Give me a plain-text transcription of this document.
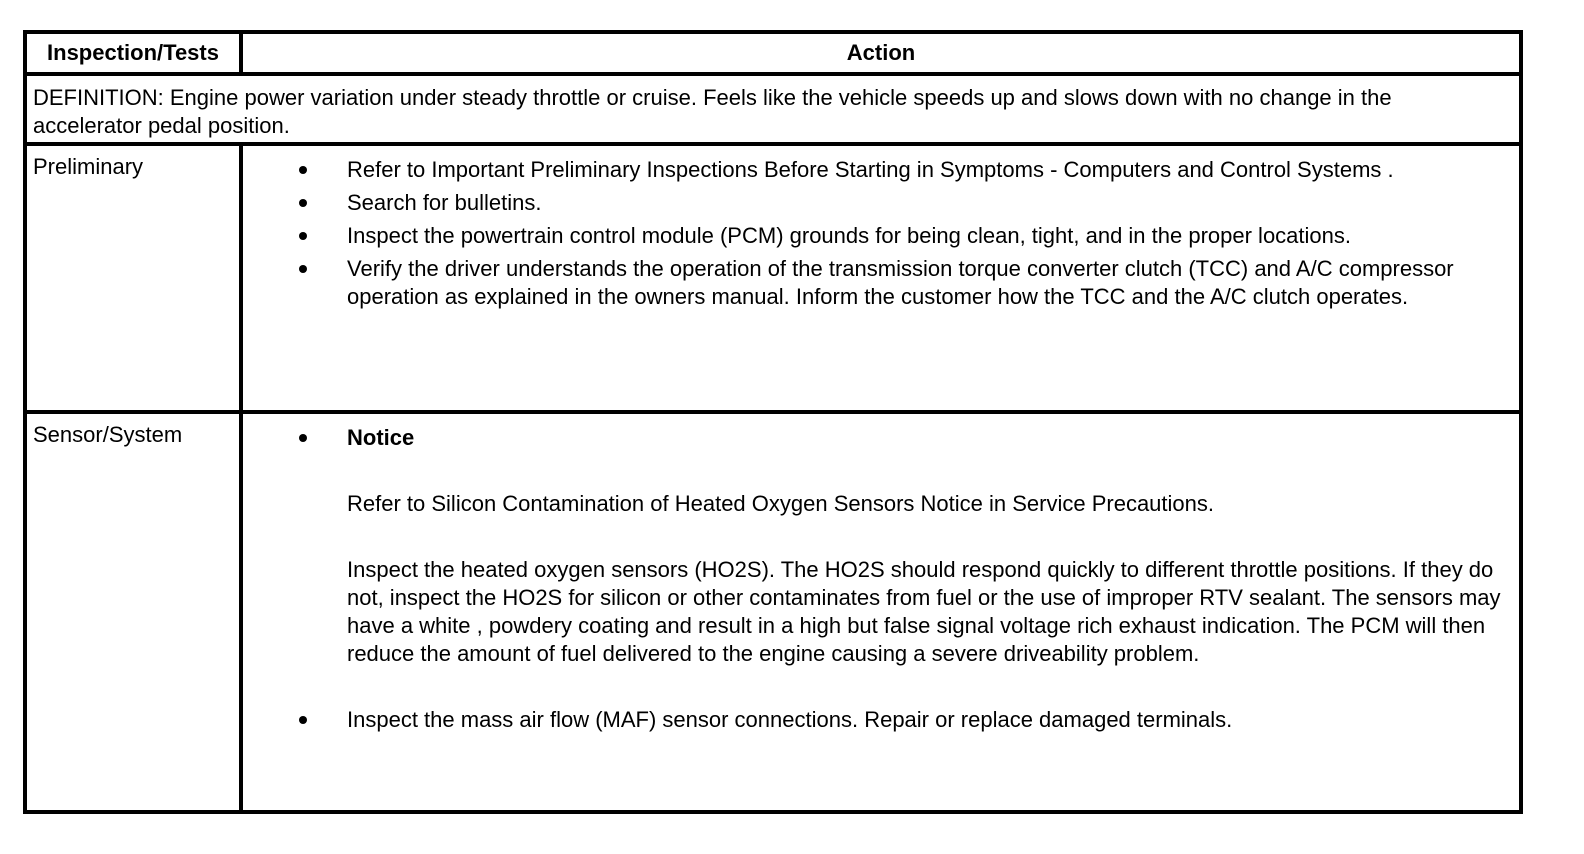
Inspection/Tests	Action
DEFINITION: Engine power variation under steady throttle or cruise. Feels like the vehicle speeds up and slows down with no change in the accelerator pedal position.
Preliminary	Refer to Important Preliminary Inspections Before Starting in Symptoms - Computers and Control Systems .
Search for bulletins.
Inspect the powertrain control module (PCM) grounds for being clean, tight, and in the proper locations.
Verify the driver understands the operation of the transmission torque converter clutch (TCC) and A/C compressor operation as explained in the owners manual. Inform the customer how the TCC and the A/C clutch operates.
Sensor/System	Notice
Refer to Silicon Contamination of Heated Oxygen Sensors Notice in Service Precautions.
Inspect the heated oxygen sensors (HO2S). The HO2S should respond quickly to different throttle positions. If they do not, inspect the HO2S for silicon or other contaminates from fuel or the use of improper RTV sealant. The sensors may have a white , powdery coating and result in a high but false signal voltage rich exhaust indication. The PCM will then reduce the amount of fuel delivered to the engine causing a severe driveability problem.
Inspect the mass air flow (MAF) sensor connections. Repair or replace damaged terminals.
